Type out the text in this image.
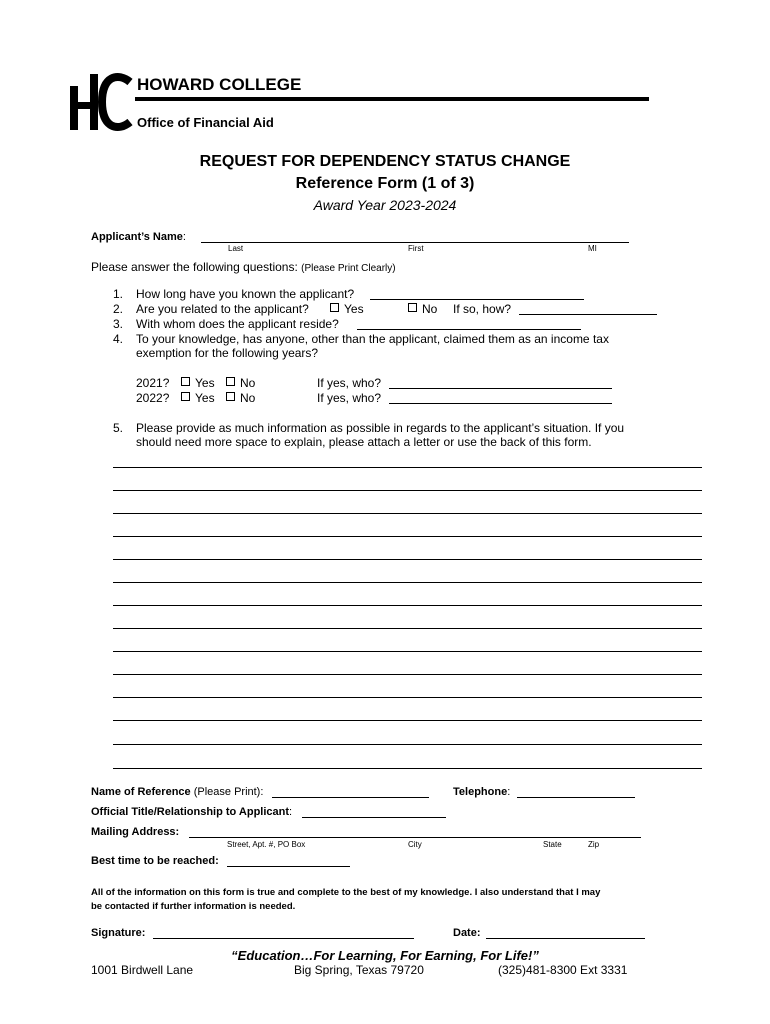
HOWARD COLLEGE
Office of Financial Aid
REQUEST FOR DEPENDENCY STATUS CHANGE
Reference Form (1 of 3)
Award Year 2023-2024
Applicant’s Name:
Last	First	MI
Please answer the following questions: (Please Print Clearly)
1. How long have you known the applicant?
2. Are you related to the applicant?	Yes	No If so, how?
3. With whom does the applicant reside?
4. To your knowledge, has anyone, other than the applicant, claimed them as an income tax
exemption for the following years?
2021?	Yes	No	If yes, who?
2022?	Yes	No	If yes, who?
5. Please provide as much information as possible in regards to the applicant’s situation. If you
should need more space to explain, please attach a letter or use the back of this form.
Name of Reference (Please Print):	Telephone:
Official Title/Relationship to Applicant:
Mailing Address:
Street, Apt. #, PO Box	City	State	Zip
Best time to be reached:
All of the information on this form is true and complete to the best of my knowledge. I also understand that I may
be contacted if further information is needed.
Signature:	Date:
“Education…For Learning, For Earning, For Life!”
1001 Birdwell Lane	Big Spring, Texas 79720	(325)481-8300 Ext 3331
